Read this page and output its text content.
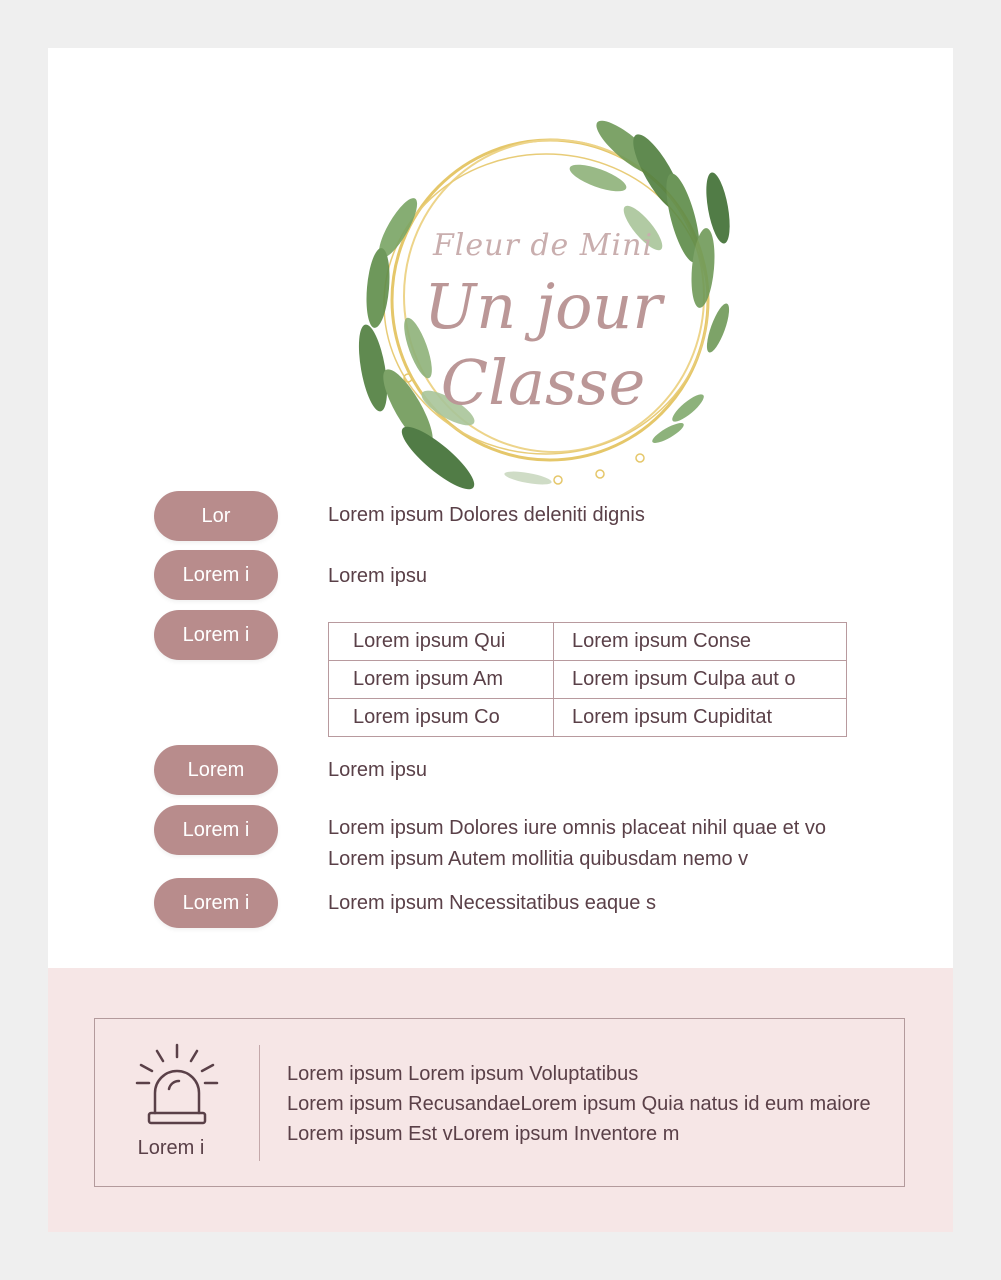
Fleur de Mini
Un jour
Classe
Lor	Lorem ipsum Dolores deleniti dignis
Lorem i	Lorem ipsu
Lorem i	Lorem ipsum Qui	Lorem ipsum Conse
Lorem ipsum Am	Lorem ipsum Culpa aut o
Lorem ipsum Co	Lorem ipsum Cupiditat
Lorem	Lorem ipsu
Lorem i	Lorem ipsum Dolores iure omnis placeat nihil quae et vo
Lorem ipsum Autem mollitia quibusdam nemo v
Lorem i	Lorem ipsum Necessitatibus eaque s
Lorem i
Lorem ipsum Lorem ipsum Voluptatibus
Lorem ipsum RecusandaeLorem ipsum Quia natus id eum maiore
Lorem ipsum Est vLorem ipsum Inventore m
